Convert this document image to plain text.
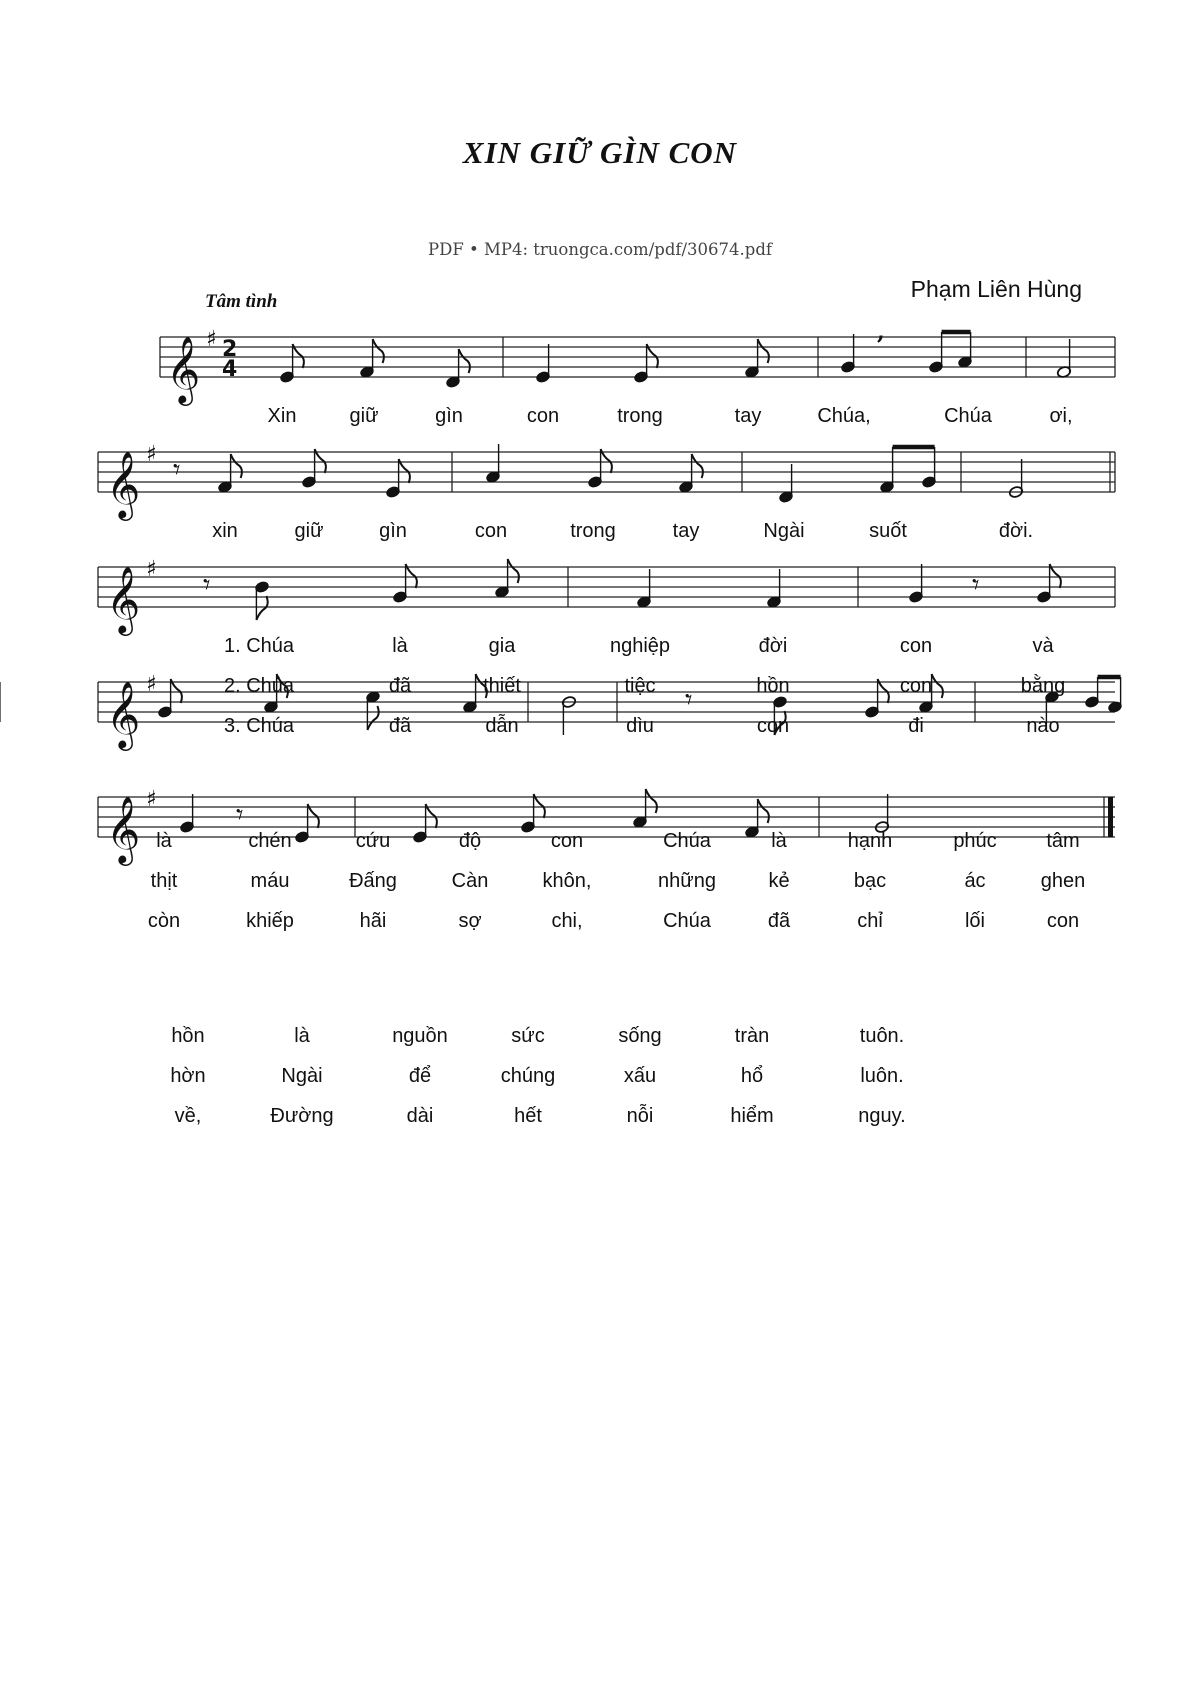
XIN GIỮ GÌN CON
PDF • MP4: truongca.com/pdf/30674.pdf
Phạm Liên Hùng
Tâm tình
𝄞 ♯ 2
4
,
𝄞 ♯ 𝄾
𝄞 ♯ 𝄾	𝄾
𝄞 ♯	𝄾
𝄞 ♯	𝄾
Xin	giữ	gìn	con	trong	tay	Chúa,	Chúa	ơi,
xin	giữ	gìn	con	trong	tay	Ngài	suốt	đời.
1. Chúa	là	gia	nghiệp	đời	con	và
2. Chúa	đã	thiết	tiệc	hồn	con	bằng
3. Chúa	đã	dẫn	dìu	con	đi	nào
là	chén	cứu	độ	con	Chúa	là	hạnh	phúc tâm
thịt	máu	Đấng	Càn	khôn,	những	kẻ	bạc	ác	ghen
còn	khiếp	hãi	sợ	chi,	Chúa	đã	chỉ	lối	con
hồn	là	nguồn	sức	sống	tràn	tuôn.
hờn	Ngài	để	chúng	xấu	hổ	luôn.
về,	Đường	dài	hết	nỗi	hiểm	nguy.
